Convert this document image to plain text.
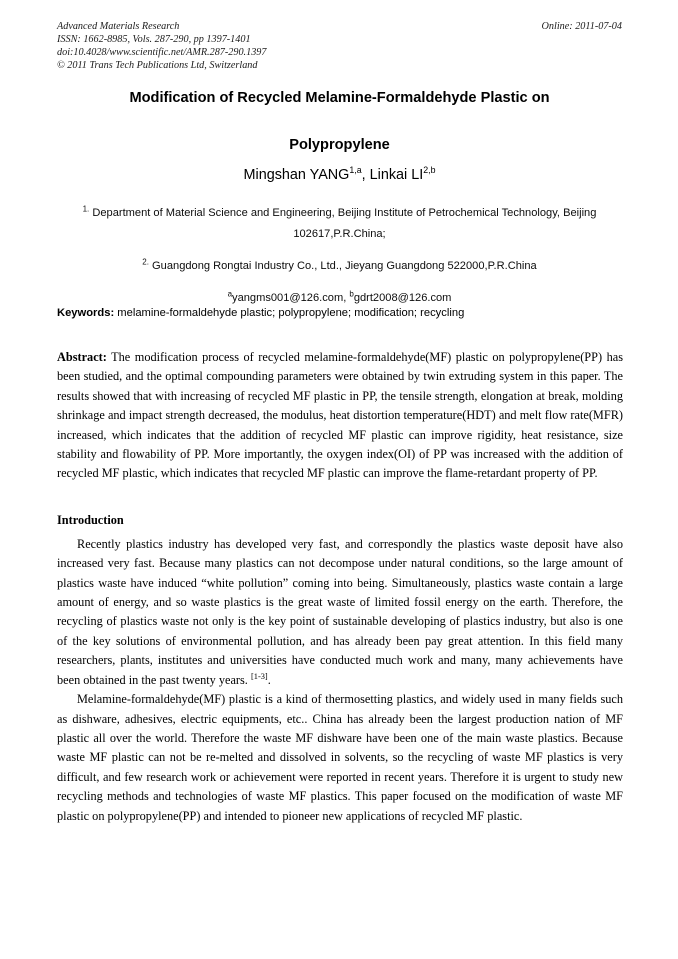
Advanced Materials Research	Online: 2011-07-04
ISSN: 1662-8985, Vols. 287-290, pp 1397-1401
doi:10.4028/www.scientific.net/AMR.287-290.1397
© 2011 Trans Tech Publications Ltd, Switzerland
Modification of Recycled Melamine-Formaldehyde Plastic on
Polypropylene
Mingshan YANG$^{1,a}$, Linkai LI$^{2,b}$

$^{1.}$ Department of Material Science and Engineering, Beijing Institute of Petrochemical Technology, Beijing 102617,P.R.China;

$^{2.}$ Guangdong Rongtai Industry Co., Ltd., Jieyang Guangdong 522000,P.R.China

$^a$yangms001@126.com, $^b$gdrt2008@126.com

Keywords: melamine-formaldehyde plastic; polypropylene; modification; recycling

Abstract: The modification process of recycled melamine-formaldehyde(MF) plastic on polypropylene(PP) has been studied, and the optimal compounding parameters were obtained by twin extruding system in this paper. The results showed that with increasing of recycled MF plastic in PP, the tensile strength, elongation at break, molding shrinkage and impact strength decreased, the modulus, heat distortion temperature(HDT) and melt flow rate(MFR) increased, which indicates that the addition of recycled MF plastic can improve rigidity, heat resistance, size stability and flowability of PP. More importantly, the oxygen index(OI) of PP was increased with the addition of recycled MF plastic, which indicates that recycled MF plastic can improve the flame-retardant property of PP.

Introduction

Recently plastics industry has developed very fast, and correspondly the plastics waste deposit have also increased very fast. Because many plastics can not decompose under natural conditions, so the large amount of plastics waste have induced “white pollution” coming into being. Simultaneously, plastics waste contain a large amount of energy, and so waste plastics is the great waste of limited fossil energy on the earth. Therefore, the recycling of plastics waste not only is the key point of sustainable developing of plastics industry, but also is one of the key solutions of environmental pollution, and has already been pay great attention. In this field many researchers, plants, institutes and universities have conducted much work and many, many achievements have been obtained in the past twenty years. [1-3].

Melamine-formaldehyde(MF) plastic is a kind of thermosetting plastics, and widely used in many fields such as dishware, adhesives, electric equipments, etc.. China has already been the largest production nation of MF plastic all over the world. Therefore the waste MF dishware have been one of the main waste plastics. Because waste MF plastic can not be re-melted and dissolved in solvents, so the recycling of waste MF plastics is very difficult, and few research work or achievement were reported in recent years. Therefore it is urgent to study new recycling methods and technologies of waste MF plastics. This paper focused on the modification of waste MF plastic on polypropylene(PP) and intended to pioneer new applications of recycled MF plastic.
